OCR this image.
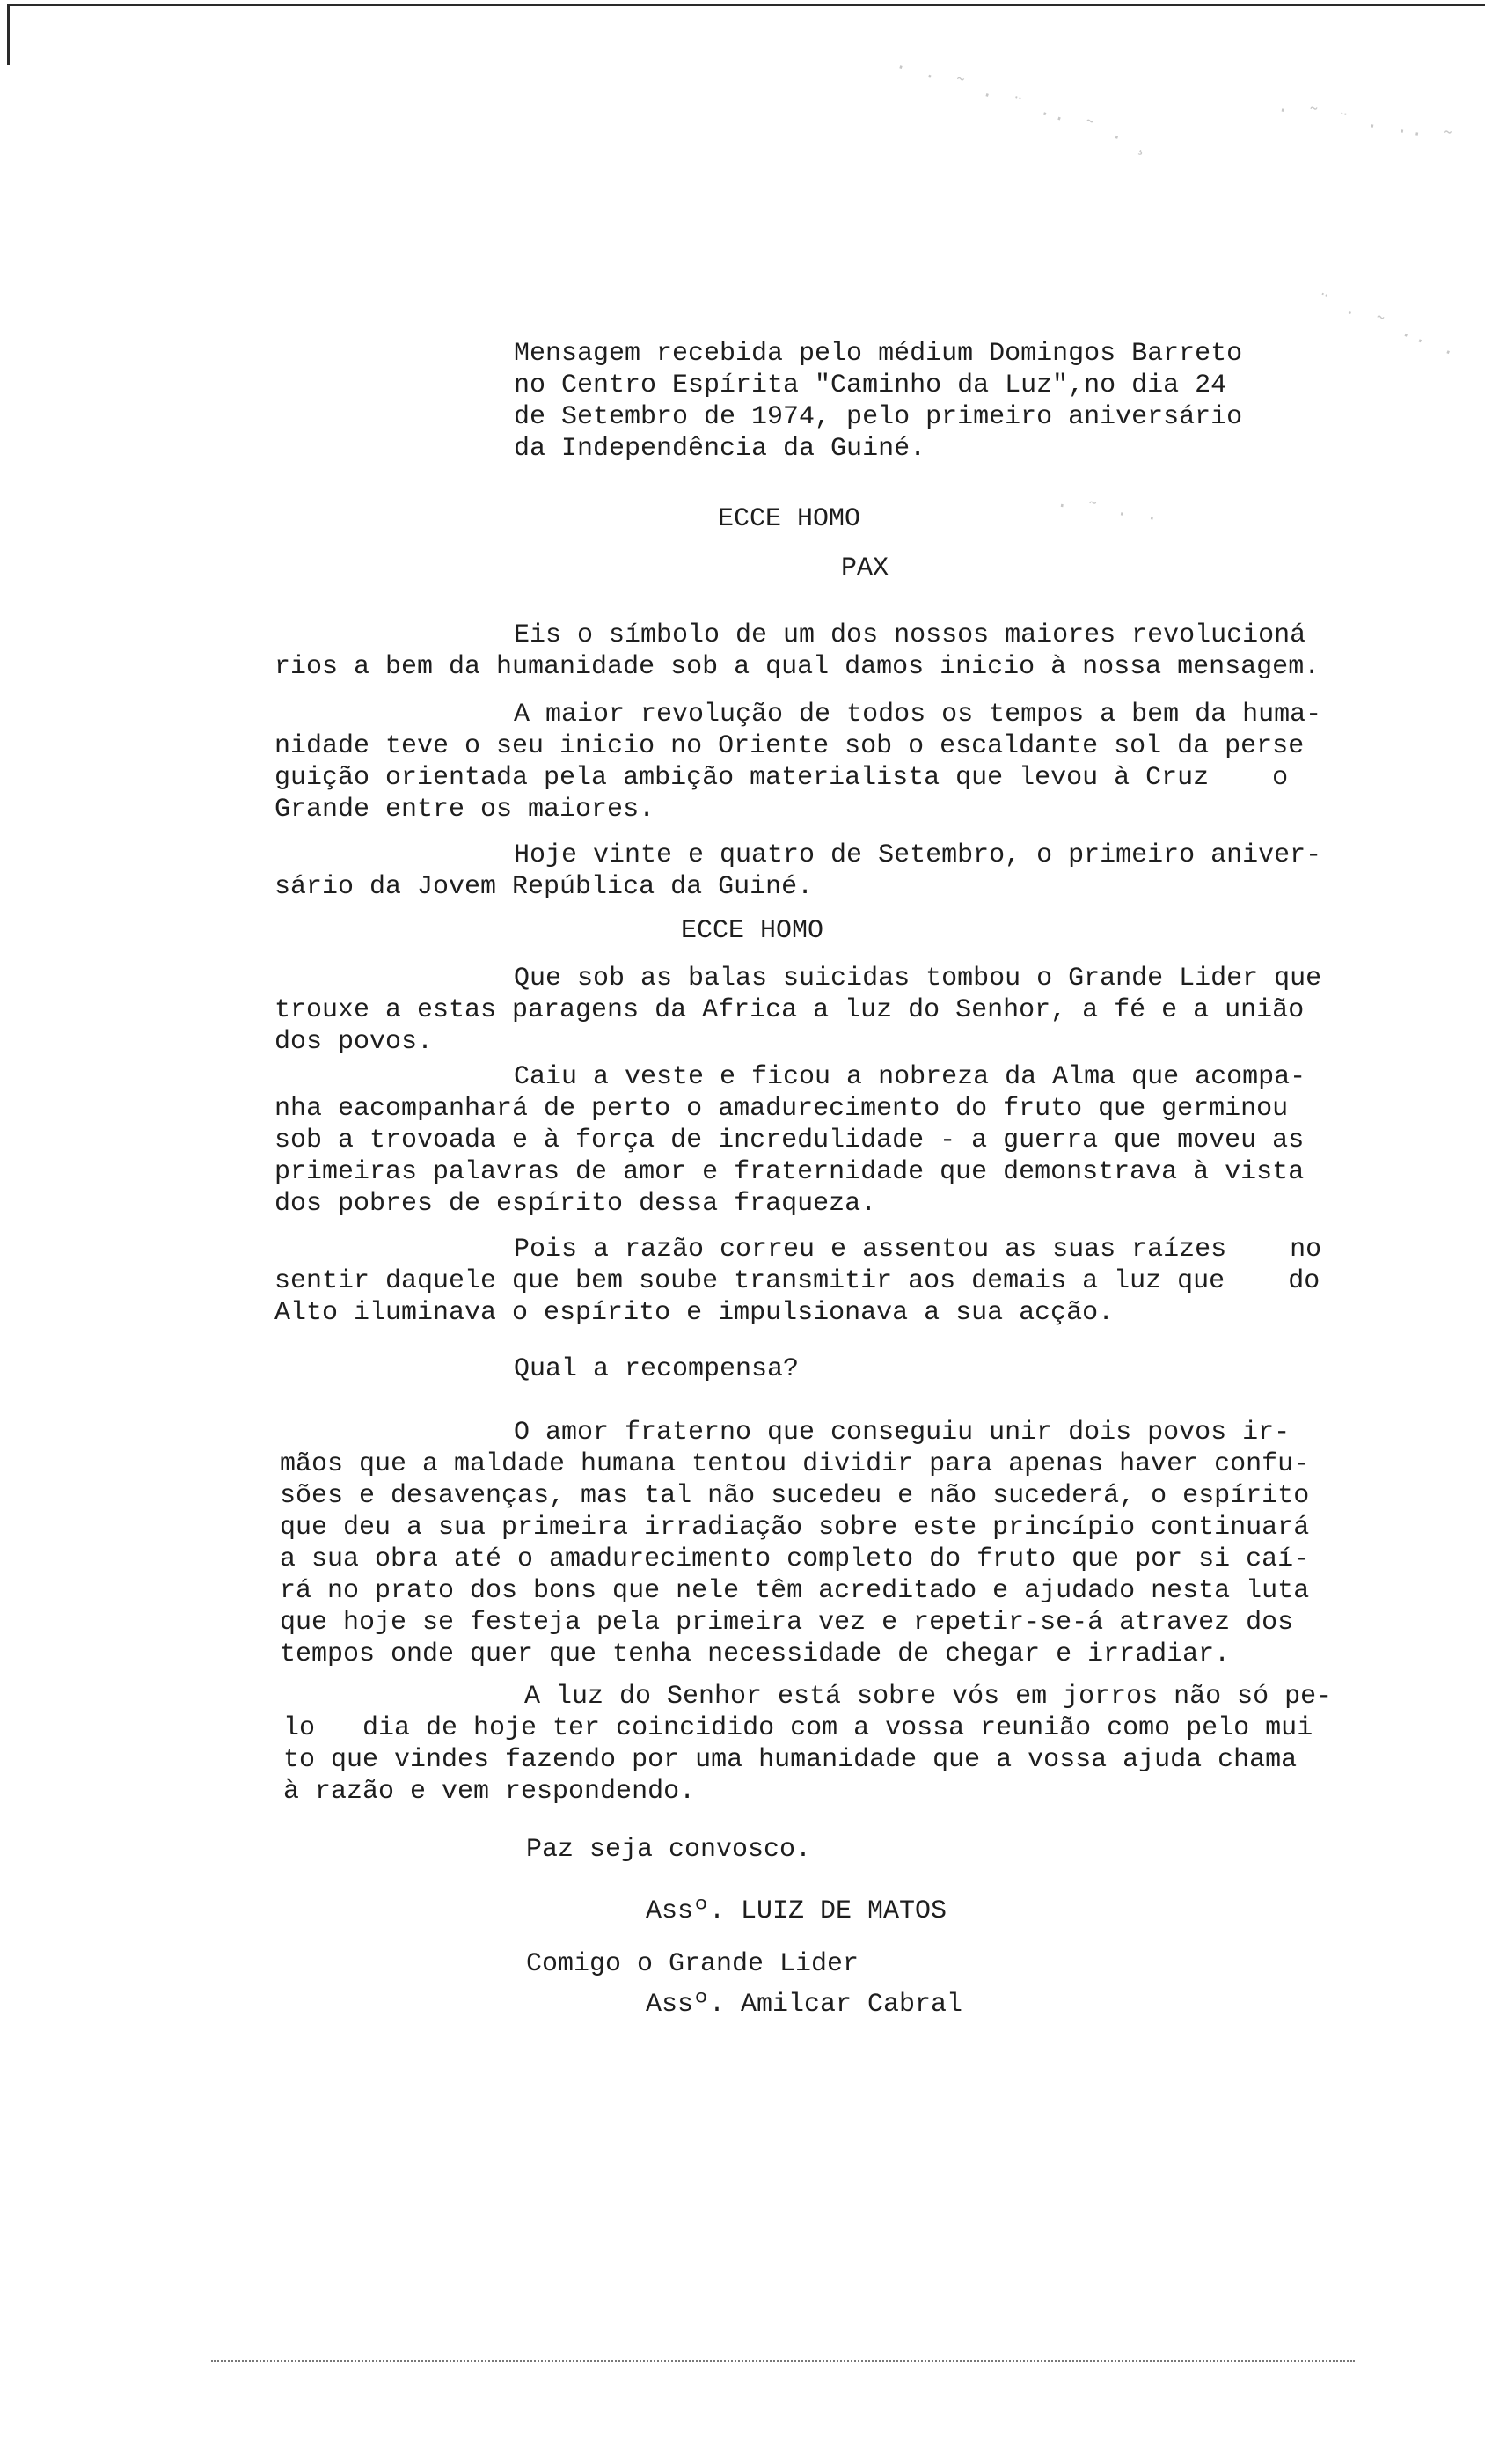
· · ˜ · ¨ ·· ˜ · ¸	· ˜ ¨ · ·· ˜
¨ · ˜ ·· ·
· ˜ · ·
Mensagem recebida pelo médium Domingos Barreto
no Centro Espírita "Caminho da Luz",no dia 24
de Setembro de 1974, pelo primeiro aniversário
da Independência da Guiné.
ECCE HOMO
PAX
Eis o símbolo de um dos nossos maiores revolucioná
rios a bem da humanidade sob a qual damos inicio à nossa mensagem.
A maior revolução de todos os tempos a bem da huma-
nidade teve o seu inicio no Oriente sob o escaldante sol da perse
guição orientada pela ambição materialista que levou à Cruz    o
Grande entre os maiores.
Hoje vinte e quatro de Setembro, o primeiro aniver-
sário da Jovem República da Guiné.
ECCE HOMO
Que sob as balas suicidas tombou o Grande Lider que
trouxe a estas paragens da Africa a luz do Senhor, a fé e a união
dos povos.
Caiu a veste e ficou a nobreza da Alma que acompa-
nha eacompanhará de perto o amadurecimento do fruto que germinou
sob a trovoada e à força de incredulidade - a guerra que moveu as
primeiras palavras de amor e fraternidade que demonstrava à vista
dos pobres de espírito dessa fraqueza.
Pois a razão correu e assentou as suas raízes    no
sentir daquele que bem soube transmitir aos demais a luz que    do
Alto iluminava o espírito e impulsionava a sua acção.
Qual a recompensa?
O amor fraterno que conseguiu unir dois povos ir-
mãos que a maldade humana tentou dividir para apenas haver confu-
sões e desavenças, mas tal não sucedeu e não sucederá, o espírito
que deu a sua primeira irradiação sobre este princípio continuará
a sua obra até o amadurecimento completo do fruto que por si caí-
rá no prato dos bons que nele têm acreditado e ajudado nesta luta
que hoje se festeja pela primeira vez e repetir-se-á atravez dos
tempos onde quer que tenha necessidade de chegar e irradiar.
A luz do Senhor está sobre vós em jorros não só pe-
lo   dia de hoje ter coincidido com a vossa reunião como pelo mui
to que vindes fazendo por uma humanidade que a vossa ajuda chama
à razão e vem respondendo.
Paz seja convosco.
Assº. LUIZ DE MATOS
Comigo o Grande Lider
Assº. Amilcar Cabral
